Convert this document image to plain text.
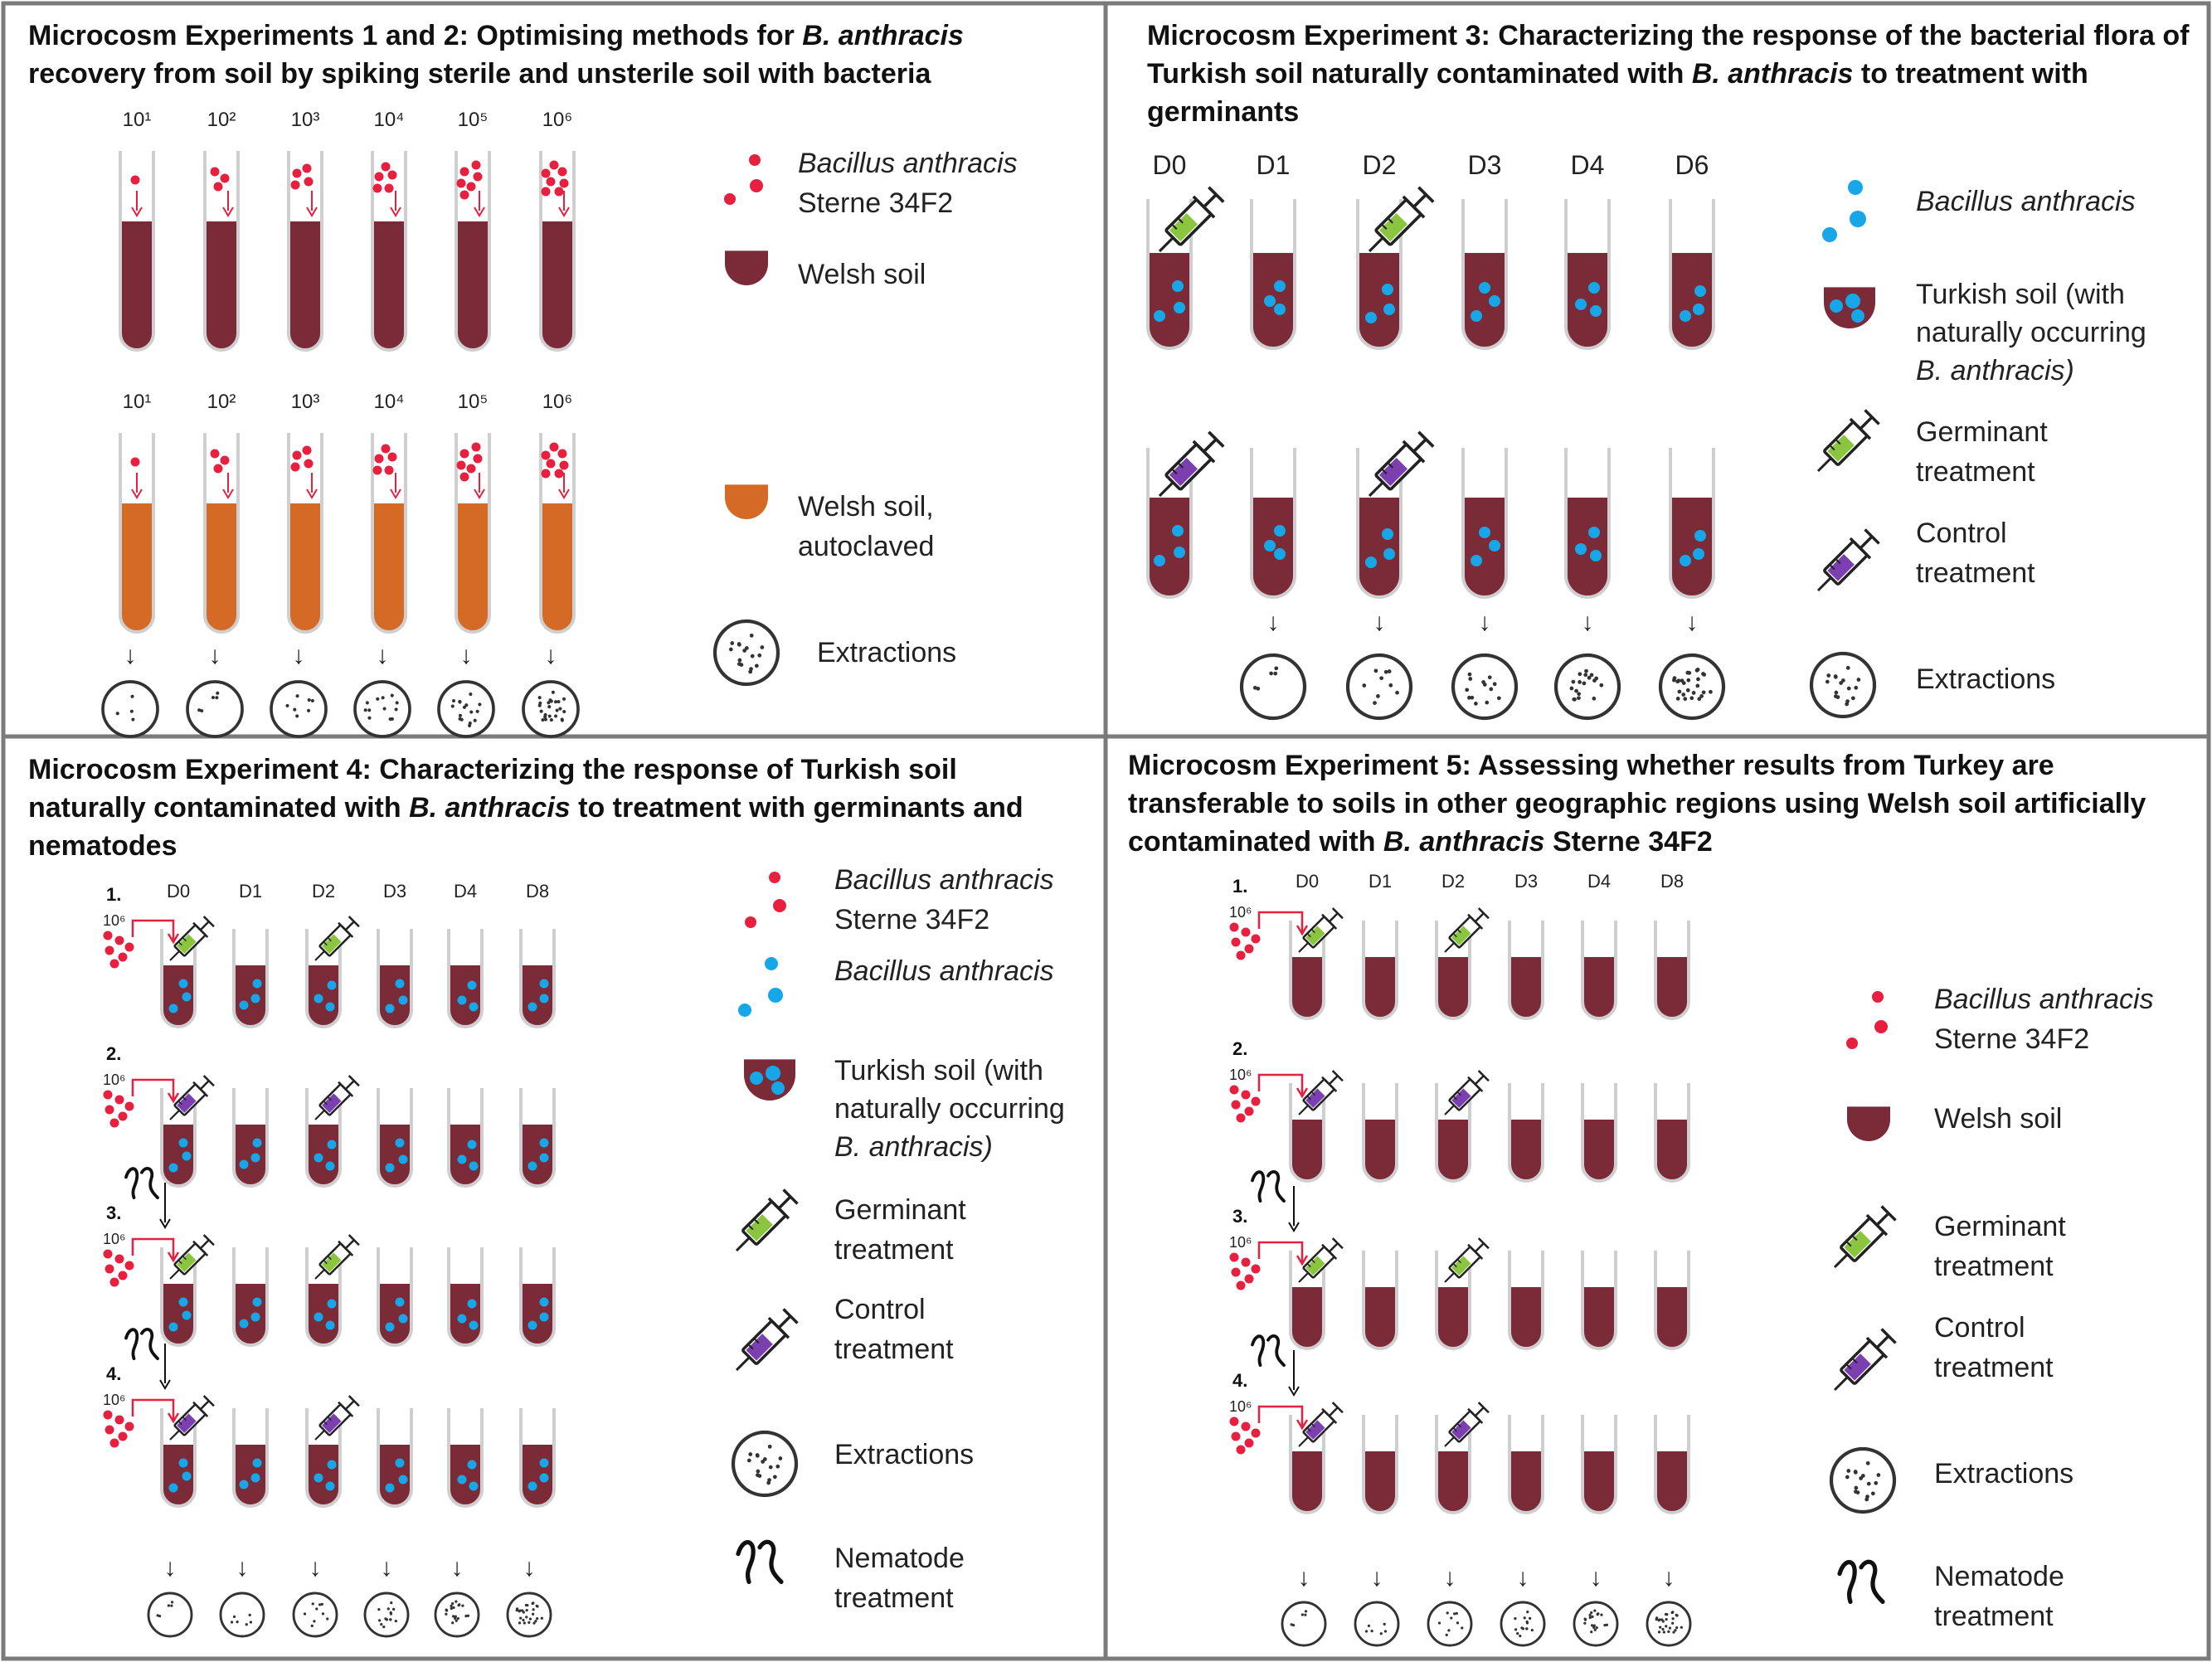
Microcosm Experiments 1 and 2: Optimising methods for B. anthracis
recovery from soil by spiking sterile and unsterile soil with bacteria
10¹	10²	10³	10⁴	10⁵	10⁶
10¹	10²	10³	10⁴	10⁵	10⁶
↓	↓	↓	↓	↓	↓
Bacillus anthracis
Sterne 34F2
Welsh soil
Welsh soil,
autoclaved
Extractions
Microcosm Experiment 3: Characterizing the response of the bacterial flora of
Turkish soil naturally contaminated with B. anthracis to treatment with
germinants
D0	D1	D2	D3	D4	D6
↓	↓	↓	↓	↓
Bacillus anthracis
Turkish soil (with
naturally occurring
B. anthracis)
Germinant
treatment
Control
treatment
Extractions
Microcosm Experiment 4: Characterizing the response of Turkish soil
naturally contaminated with B. anthracis to treatment with germinants and
nematodes
D0	D1	D2	D3	D4	D8
1.
10⁶
2.
10⁶
3.
10⁶
4.
10⁶
↓ ↓ ↓ ↓ ↓ ↓
Bacillus anthracis
Sterne 34F2
Bacillus anthracis
Turkish soil (with
naturally occurring
B. anthracis)
Germinant
treatment
Control
treatment
Extractions
Nematode
treatment
Microcosm Experiment 5: Assessing whether results from Turkey are
transferable to soils in other geographic regions using Welsh soil artificially
contaminated with B. anthracis Sterne 34F2
D0	D1	D2	D3	D4	D8
1.
10⁶
2.
10⁶
3.
10⁶
4.
10⁶
↓ ↓ ↓ ↓ ↓ ↓
Bacillus anthracis
Sterne 34F2
Welsh soil
Germinant
treatment
Control
treatment
Extractions
Nematode
treatment
